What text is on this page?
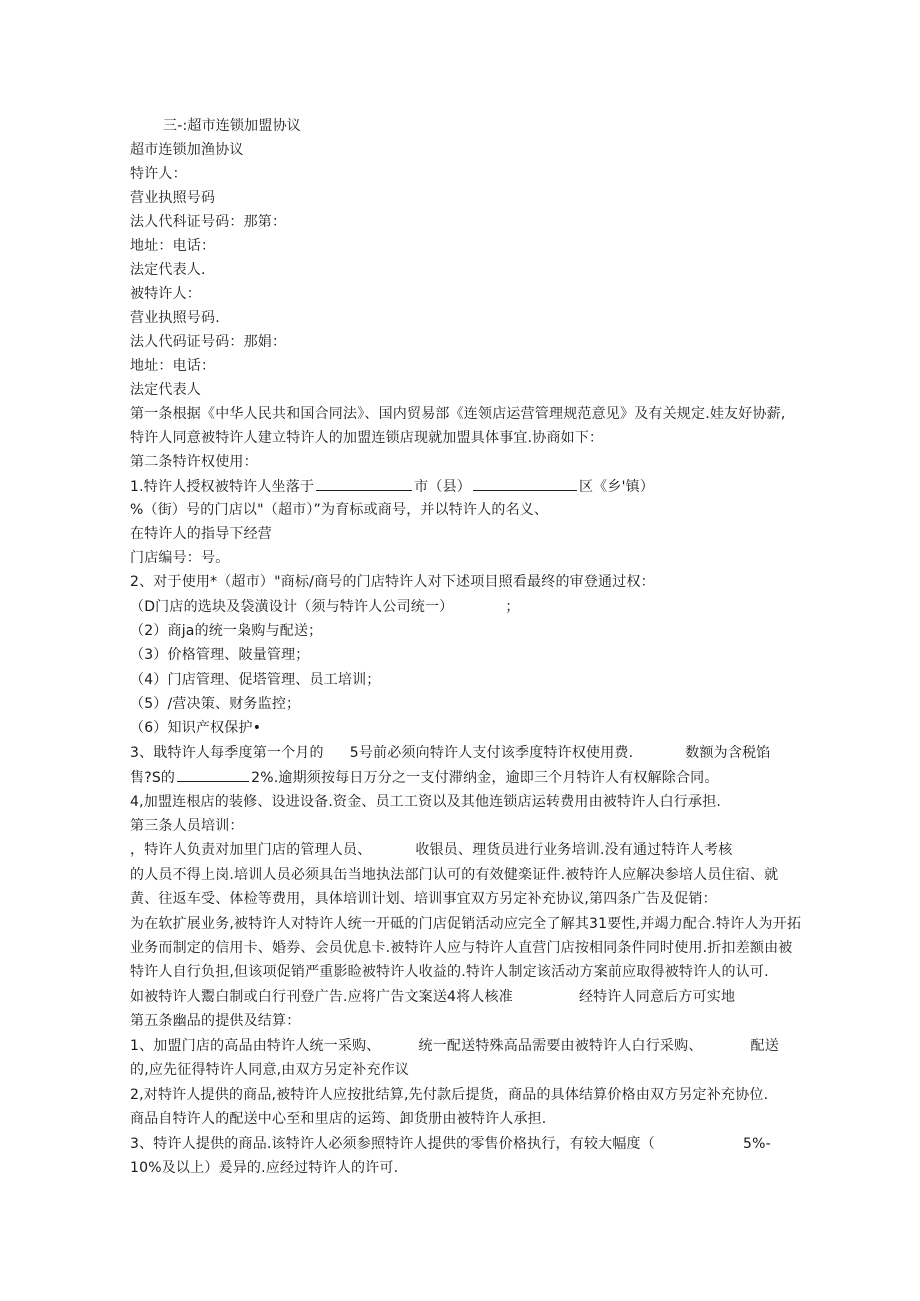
三-:超市连锁加盟协议
超市连锁加渔协议
特许人：
营业执照号码
法人代科证号码：那第：
地址：电话：
法定代表人.
被特许人：
营业执照号码.
法人代码证号码：那娟：
地址：电话：
法定代表人
第一条根据《中华人民共和国合同法》、国内贸易部《连领店运营管理规范意见》及有关规定.娃友好协薪,
特许人同意被特许人建立特许人的加盟连锁店现就加盟具体事宜.协商如下：
第二条特许权使用：
1.特许人授权被特许人坐落于	市（县）	区《乡'镇）
%（街）号的门店以"（超市）”为育标或商号，并以特许人的名义、
在特许人的指导下经营
门店编号：号。
2、对于使用*（超市）"商标/商号的门店特许人对下述项目照看最终的审登通过权：
（D门店的选块及袋潢设计（须与特许人公司统一）	；
（2）商ja的统一枭购与配送；
（3）价格管理、陂量管理；
（4）门店管理、促塔管理、员工培训；
（5）/营决策、财务监控；
（6）知识产权保护•
3、戢特许人每季度第一个月的 5号前必须向特许人支付该季度特许权使用费.	数额为含税馅
售?S的	2%.逾期须按每日万分之一支付滞纳金，逾即三个月特许人有权解除合同。
4,加盟连根店的装修、设进设备.资金、员工工资以及其他连锁店运转费用由被特许人白行承担.
第三条人员培训：
，特许人负责对加里门店的管理人员、	收银员、理货员进行业务培训.没有通过特许人考核
的人员不得上岗.培训人员必须具缶当地执法部门认可的有效健楽证件.被特许人应解决参培人员住宿、就
黄、往返车受、体检等费用，具体培训计划、培训事宜双方另定补充协议,第四条广告及促销：
为在软扩展业务,被特许人对特许人统一开砥的门店促销活动应完全了解其31要性,并竭力配合.特许人为开拓
业务而制定的信用卡、婚券、会员优息卡.被特许人应与特许人直营门店按相同条件同时使用.折扣差额由被
特许人自行负担,但该项促销严重影睑被特许人收益的.特许人制定该活动方案前应取得被特许人的认可.
如被特许人鬻白制或白行刊登广告.应将广告文案送4将人核准	经特许人同意后方可实地
第五条幽品的提供及结算：
1、加盟门店的高品由特许人统一采购、	统一配送特殊高品需要由被特许人白行采购、	配送
的,应先征得特许人同意,由双方另定补充作议
2,对特许人提供的商品,被特许人应按批结算,先付款后提货，商品的具体结算价格由双方另定补充协位.
商品自特许人的配送中心至和里店的运筠、卸货册由被特许人承担.
3、特许人提供的商品.该特许人必须参照特许人提供的零售价格执行，有较大幅度（	5%-
10%及以上）爰异的.应经过特许人的许可.
